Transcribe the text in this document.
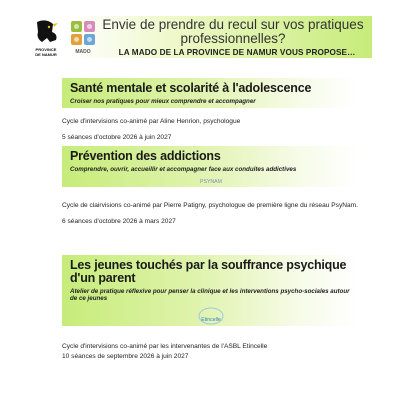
PROVINCE
DE NAMUR	MADO
Envie de prendre du recul sur vos pratiques professionnelles?
LA MADO DE LA PROVINCE DE NAMUR VOUS PROPOSE…
Santé mentale et scolarité à l'adolescence
Croiser nos pratiques pour mieux comprendre et accompagner
Cycle d'intervisions co-animé par Aline Henrion, psychologue
5 séances d'octobre 2026 à juin 2027
Prévention des addictions
Comprendre, ouvrir, accueillir et accompagner face aux conduites addictives
PSYNAM
Cycle de clairvisions co-animé par Pierre Patigny, psychologue de première ligne du réseau PsyNam.
6 séances d'octobre 2026 à mars 2027
Les jeunes touchés par la souffrance psychique d'un parent
Atelier de pratique réflexive pour penser la clinique et les interventions psycho-sociales autour de ce jeunes
Etincelle
Cycle d'intervisions co-animé par les intervenantes de l'ASBL Etincelle
10 séances de septembre 2026 à juin 2027
